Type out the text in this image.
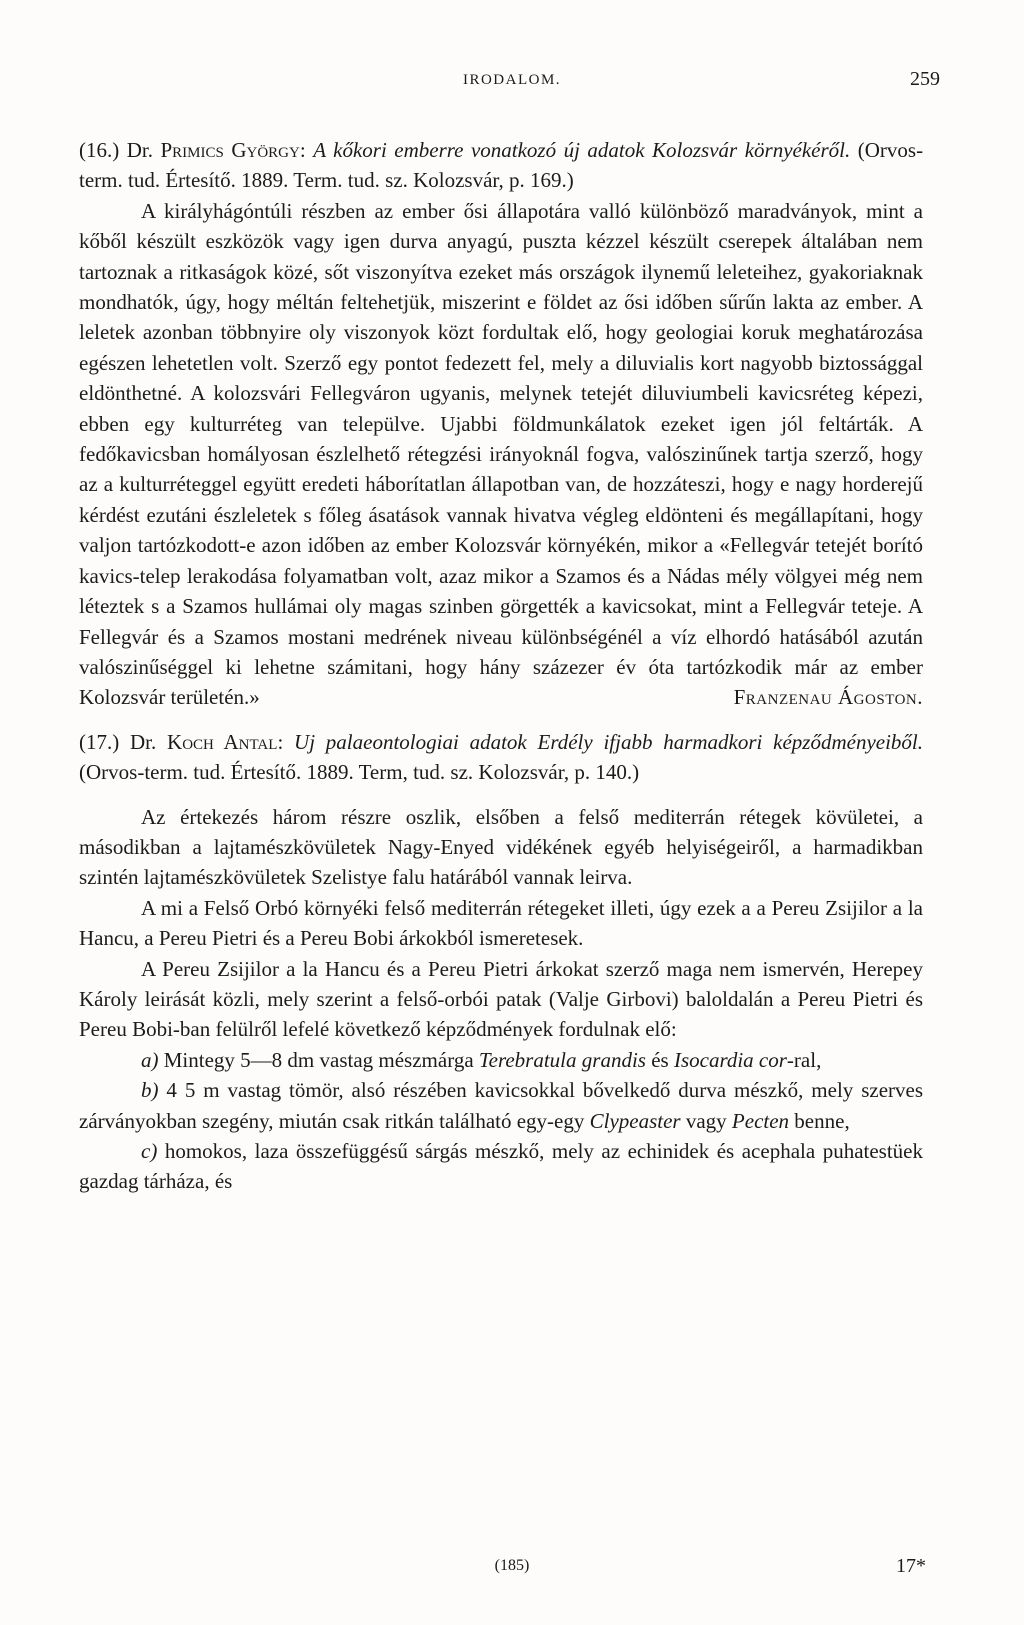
IRODALOM.	259

(16.) Dr. Primics György: A kőkori emberre vonatkozó új adatok Kolozsvár környékéről. (Orvos-term. tud. Értesítő. 1889. Term. tud. sz. Kolozsvár, p. 169.)

A királyhágóntúli részben az ember ősi állapotára valló különböző maradványok, mint a kőből készült eszközök vagy igen durva anyagú, puszta kézzel készült cserepek általában nem tartoznak a ritkaságok közé, sőt viszonyítva ezeket más országok ilynemű leleteihez, gyakoriaknak mondhatók, úgy, hogy méltán feltehetjük, miszerint e földet az ősi időben sűrűn lakta az ember. A leletek azonban többnyire oly viszonyok közt fordultak elő, hogy geologiai koruk meghatározása egészen lehetetlen volt. Szerző egy pontot fedezett fel, mely a diluvialis kort nagyobb biztossággal eldönthetné. A kolozsvári Fellegváron ugyanis, melynek tetejét diluviumbeli kavicsréteg képezi, ebben egy kulturréteg van települve. Ujabbi földmunkálatok ezeket igen jól feltárták. A fedőkavicsban homályosan észlelhető rétegzési irányoknál fogva, valószinűnek tartja szerző, hogy az a kulturréteggel együtt eredeti háborítatlan állapotban van, de hozzáteszi, hogy e nagy horderejű kérdést ezutáni észleletek s főleg ásatások vannak hivatva végleg eldönteni és megállapítani, hogy valjon tartózkodott-e azon időben az ember Kolozsvár környékén, mikor a «Fellegvár tetejét borító kavics-telep lerakodása folyamatban volt, azaz mikor a Szamos és a Nádas mély völgyei még nem léteztek s a Szamos hullámai oly magas szinben görgették a kavicsokat, mint a Fellegvár teteje. A Fellegvár és a Szamos mostani medrének niveau különbségénél a víz elhordó hatásából azután valószinűséggel ki lehetne számitani, hogy hány százezer év óta tartózkodik már az ember Kolozsvár területén.»	Franzenau Ágoston.

(17.) Dr. Koch Antal: Uj palaeontologiai adatok Erdély ifjabb harmadkori képződményeiből. (Orvos-term. tud. Értesítő. 1889. Term, tud. sz. Kolozsvár, p. 140.)

Az értekezés három részre oszlik, elsőben a felső mediterrán rétegek kövületei, a másodikban a lajtamészkövületek Nagy-Enyed vidékének egyéb helyiségeiről, a harmadikban szintén lajtamészkövületek Szelistye falu határából vannak leirva.

A mi a Felső Orbó környéki felső mediterrán rétegeket illeti, úgy ezek a a Pereu Zsijilor a la Hancu, a Pereu Pietri és a Pereu Bobi árkokból ismeretesek.

A Pereu Zsijilor a la Hancu és a Pereu Pietri árkokat szerző maga nem ismervén, Herepey Károly leirását közli, mely szerint a felső-orbói patak (Valje Girbovi) baloldalán a Pereu Pietri és Pereu Bobi-ban felülről lefelé következő képződmények fordulnak elő:

a) Mintegy 5—8 dm vastag mészmárga Terebratula grandis és Isocardia cor-ral,

b) 4 5 m vastag tömör, alsó részében kavicsokkal bővelkedő durva mészkő, mely szerves zárványokban szegény, miután csak ritkán található egy-egy Clypeaster vagy Pecten benne,

c) homokos, laza összefüggésű sárgás mészkő, mely az echinidek és acephala puhatestüek gazdag tárháza, és

(185)	17*
